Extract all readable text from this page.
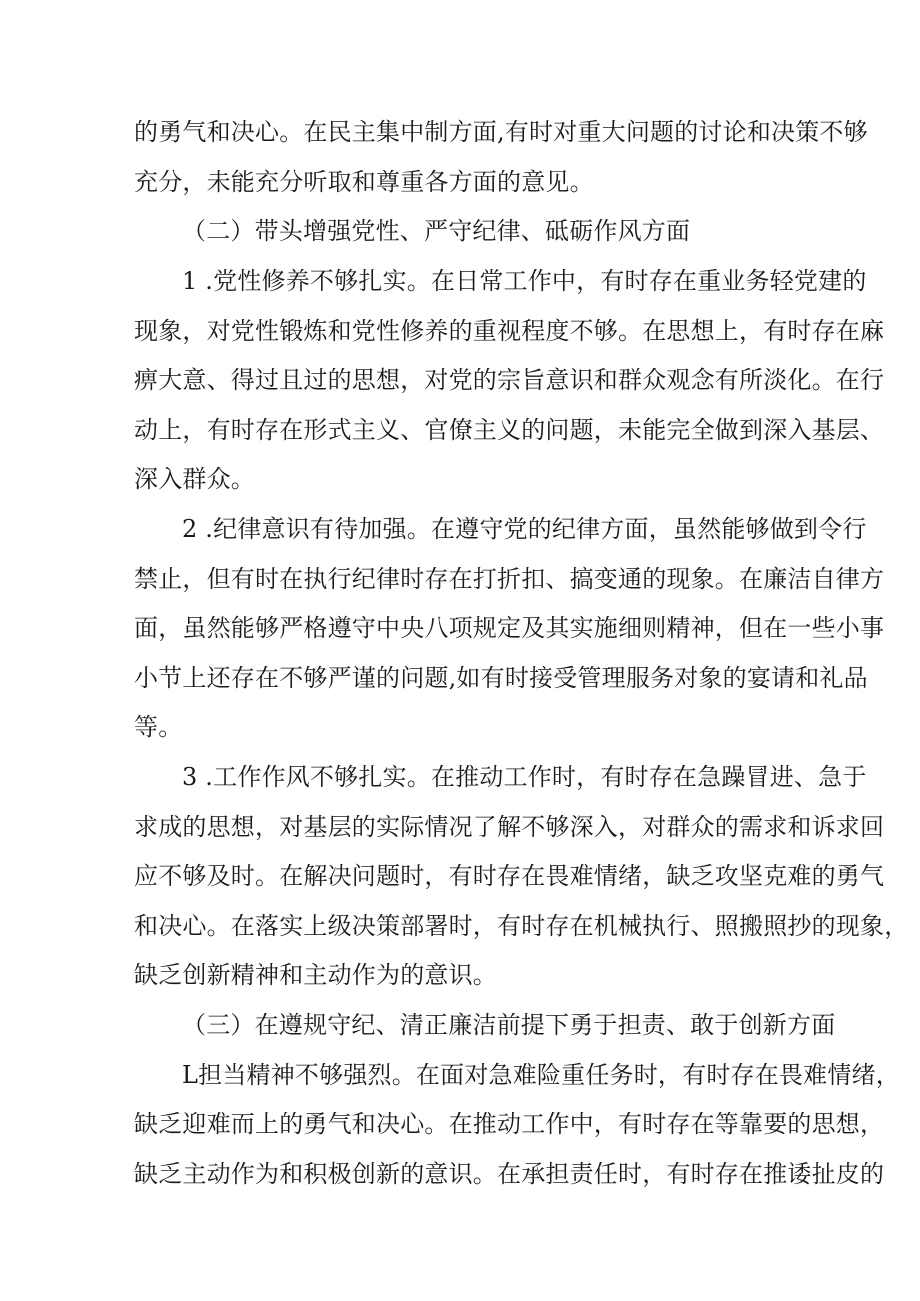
的勇气和决心。在民主集中制方面,有时对重大问题的讨论和决策不够
充分，未能充分听取和尊重各方面的意见。
（二）带头增强党性、严守纪律、砥砺作风方面
1 .党性修养不够扎实。在日常工作中，有时存在重业务轻党建的
现象，对党性锻炼和党性修养的重视程度不够。在思想上，有时存在麻
痹大意、得过且过的思想，对党的宗旨意识和群众观念有所淡化。在行
动上，有时存在形式主义、官僚主义的问题，未能完全做到深入基层、
深入群众。
2 .纪律意识有待加强。在遵守党的纪律方面，虽然能够做到令行
禁止，但有时在执行纪律时存在打折扣、搞变通的现象。在廉洁自律方
面，虽然能够严格遵守中央八项规定及其实施细则精神，但在一些小事
小节上还存在不够严谨的问题,如有时接受管理服务对象的宴请和礼品
等。
3 .工作作风不够扎实。在推动工作时，有时存在急躁冒进、急于
求成的思想，对基层的实际情况了解不够深入，对群众的需求和诉求回
应不够及时。在解决问题时，有时存在畏难情绪，缺乏攻坚克难的勇气
和决心。在落实上级决策部署时，有时存在机械执行、照搬照抄的现象，
缺乏创新精神和主动作为的意识。
（三）在遵规守纪、清正廉洁前提下勇于担责、敢于创新方面
L担当精神不够强烈。在面对急难险重任务时，有时存在畏难情绪，
缺乏迎难而上的勇气和决心。在推动工作中，有时存在等靠要的思想，
缺乏主动作为和积极创新的意识。在承担责任时，有时存在推诿扯皮的
